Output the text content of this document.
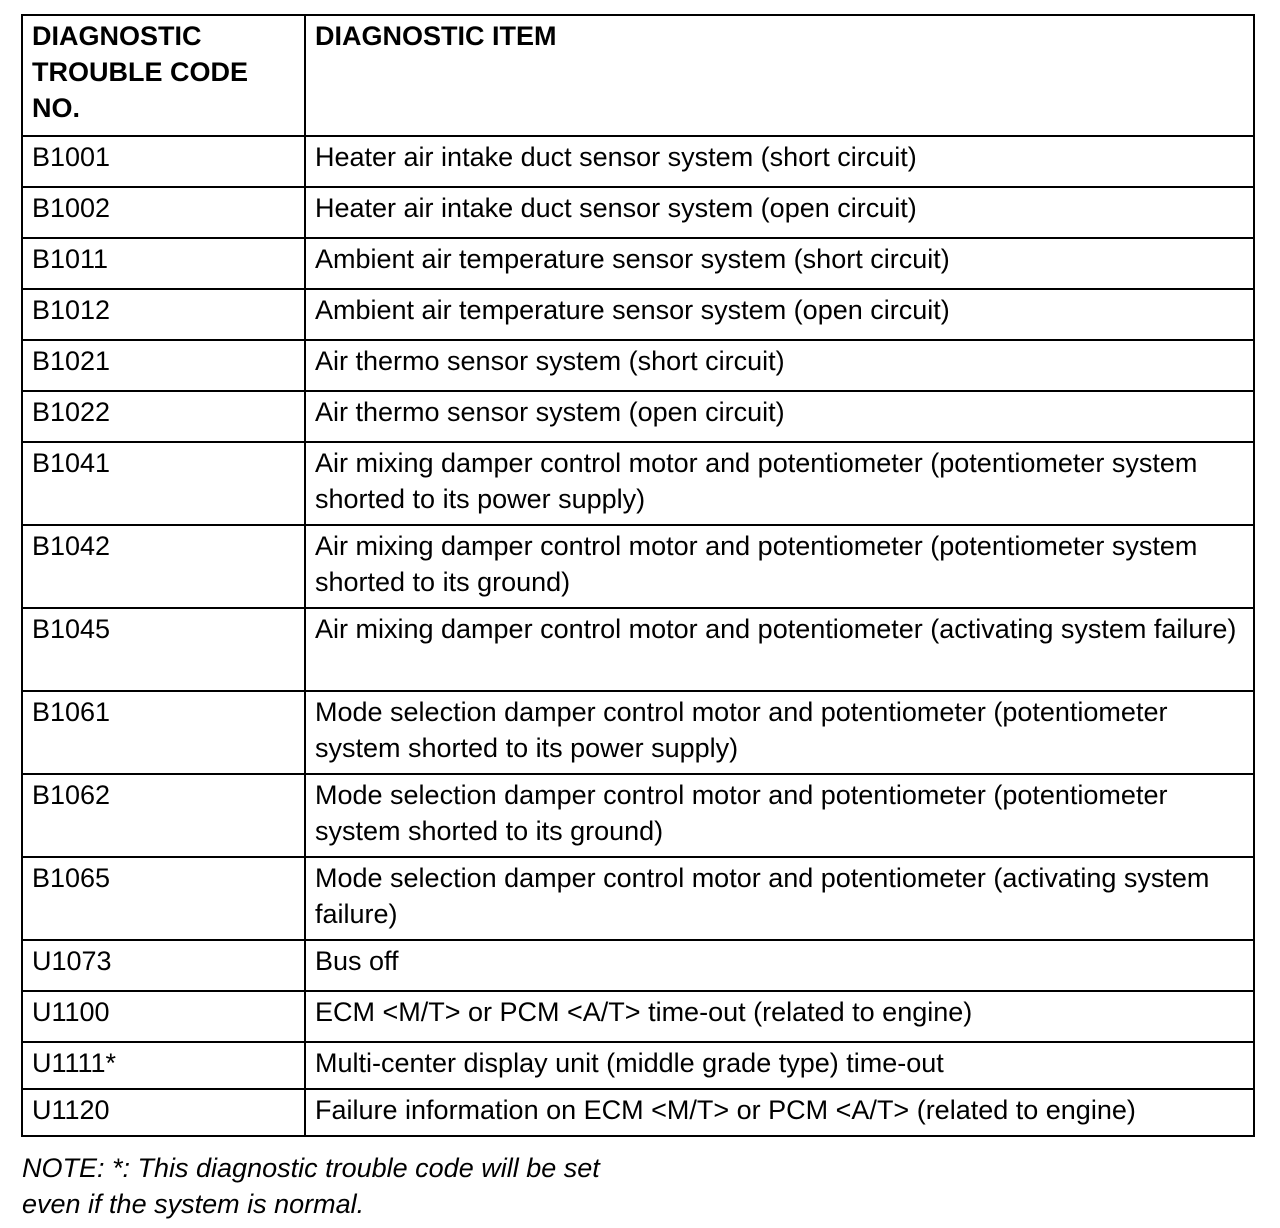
DIAGNOSTIC TROUBLE CODE NO.	DIAGNOSTIC ITEM
B1001	Heater air intake duct sensor system (short circuit)
B1002	Heater air intake duct sensor system (open circuit)
B1011	Ambient air temperature sensor system (short circuit)
B1012	Ambient air temperature sensor system (open circuit)
B1021	Air thermo sensor system (short circuit)
B1022	Air thermo sensor system (open circuit)
B1041	Air mixing damper control motor and potentiometer (potentiometer system shorted to its power supply)
B1042	Air mixing damper control motor and potentiometer (potentiometer system shorted to its ground)
B1045	Air mixing damper control motor and potentiometer (activating system failure)
B1061	Mode selection damper control motor and potentiometer (potentiometer system shorted to its power supply)
B1062	Mode selection damper control motor and potentiometer (potentiometer system shorted to its ground)
B1065	Mode selection damper control motor and potentiometer (activating system failure)
U1073	Bus off
U1100	ECM <M/T> or PCM <A/T> time-out (related to engine)
U1111*	Multi-center display unit (middle grade type) time-out
U1120	Failure information on ECM <M/T> or PCM <A/T> (related to engine)
NOTE: *: This diagnostic trouble code will be set
even if the system is normal.
